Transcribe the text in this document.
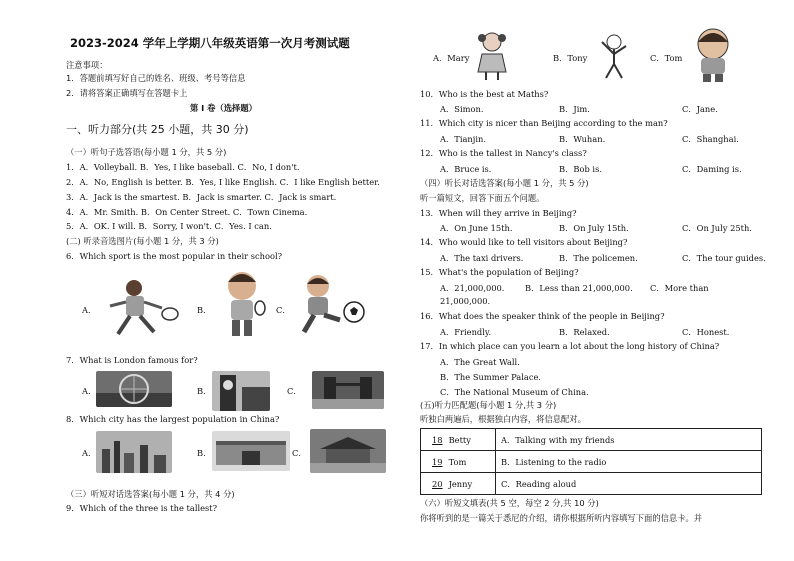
2023-2024 学年上学期八年级英语第一次月考测试题
注意事项：
1．答题前填写好自己的姓名、班级、考号等信息
2．请将答案正确填写在答题卡上
第 I 卷（选择题）
一、听力部分(共 25 小题，共 30 分)
（一）听句子选答语(每小题 1 分，共 5 分)
1．A．Volleyball. B．Yes, I like baseball. C．No, I don't.
2．A．No, English is better. B．Yes, I like English. C．I like English better.
3．A．Jack is the smartest. B．Jack is smarter. C．Jack is smart.
4．A．Mr. Smith. B．On Center Street. C．Town Cinema.
5．A．OK. I will. B．Sorry, I won't. C．Yes. I can.
(二) 听录音选图片(每小题 1 分，共 3 分)
6．Which sport is the most popular in their school?
A．	B．	C．
7．What is London famous for?
A．	B．	C．
8．Which city has the largest population in China?
A．	B．	C．
（三）听短对话选答案(每小题 1 分，共 4 分)
9．Which of the three is the tallest?
A．Mary	B．Tony	C．Tom
10．Who is the best at Maths?
A．Simon.	B．Jim.	C．Jane.
11．Which city is nicer than Beijing according to the man?
A．Tianjin.	B．Wuhan.	C．Shanghai.
12．Who is the tallest in Nancy's class?
A．Bruce is.	B．Bob is.	C．Daming is.
（四）听长对话选答案(每小题 1 分，共 5 分)
听一篇短文，回答下面五个问题。
13．When will they arrive in Beijing?
A．On June 15th.	B．On July 15th.	C．On July 25th.
14．Who would like to tell visitors about Beijing?
A．The taxi drivers.	B．The policemen.	C．The tour guides.
15．What's the population of Beijing?
A．21,000,000. B．Less than 21,000,000. C．More than
21,000,000.
16．What does the speaker think of the people in Beijing?
A．Friendly.	B．Relaxed.	C．Honest.
17．In which place can you learn a lot about the long history of China?
A．The Great Wall.
B．The Summer Palace.
C．The National Museum of China.
(五)听力匹配题(每小题 1 分,共 3 分)
听独白两遍后，根据独白内容，将信息配对。
18 Betty	A．Talking with my friends
19 Tom	B．Listening to the radio
20 Jenny	C．Reading aloud
（六）听短文填表(共 5 空，每空 2 分,共 10 分)
你将听到的是一篇关于悉尼的介绍，请你根据所听内容填写下面的信息卡。并
